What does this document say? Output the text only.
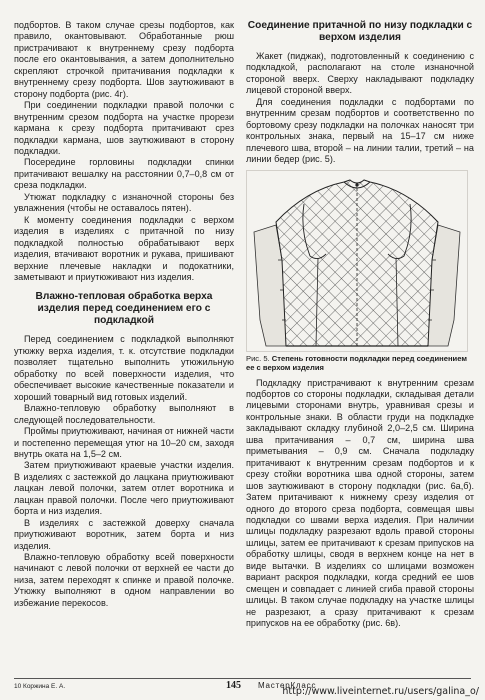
подбортов. В таком случае срезы подбортов, как правило, окантовывают. Обработанные рюш пристрачивают к внутреннему срезу подборта после его окантовывания, а затем дополнительно скрепляют строчкой притачивания подкладки к внутреннему срезу подборта. Шов заутюживают в сторону подборта (рис. 4г).

При соединении подкладки правой полочки с внутренним срезом подборта на участке прорези кармана к срезу подборта притачивают срез подкладки кармана, шов заутюживают в сторону подкладки.

Посередине горловины подкладки спинки притачивают вешалку на расстоянии 0,7–0,8 см от среза подкладки.

Утюжат подкладку с изнаночной стороны без увлажнения (чтобы не оставалось пятен).

К моменту соединения подкладки с верхом изделия в изделиях с притачной по низу подкладкой полностью обрабатывают верх изделия, втачивают воротник и рукава, пришивают верхние плечевые накладки и подокатники, заметывают и приутюживают низ изделия.

Влажно-тепловая обработка верха изделия перед соединением его с подкладкой

Перед соединением с подкладкой выполняют утюжку верха изделия, т. к. отсутствие подкладки позволяет тщательно выполнить утюжильную обработку по всей поверхности изделия, что обеспечивает высокие качественные показатели и хороший товарный вид готовых изделий.

Влажно-тепловую обработку выполняют в следующей последовательности.

Проймы приутюживают, начиная от нижней части и постепенно перемещая утюг на 10–20 см, заходя внутрь оката на 1,5–2 см.

Затем приутюживают краевые участки изделия. В изделиях с застежкой до лацкана приутюживают лацкан левой полочки, затем отлет воротника и лацкан правой полочки. После чего приутюживают борта и низ изделия.

В изделиях с застежкой доверху сначала приутюживают воротник, затем борта и низ изделия.

Влажно-тепловую обработку всей поверхности начинают с левой полочки от верхней ее части до низа, затем переходят к спинке и правой полочке. Утюжку выполняют в одном направлении во избежание перекосов.

Соединение притачной по низу подкладки с верхом изделия

Жакет (пиджак), подготовленный к соединению с подкладкой, располагают на столе изнаночной стороной вверх. Сверху накладывают подкладку лицевой стороной вверх.

Для соединения подкладки с подбортами по внутренним срезам подбортов и соответственно по бортовому срезу подкладки на полочках наносят три контрольных знака, первый на 15–17 см ниже плечевого шва, второй – на линии талии, третий – на линии бедер (рис. 5).

Рис. 5. Степень готовности подкладки перед соединением ее с верхом изделия

Подкладку пристрачивают к внутренним срезам подбортов со стороны подкладки, складывая детали лицевыми сторонами внутрь, уравнивая срезы и контрольные знаки. В области груди на подкладке закладывают складку глубиной 2,0–2,5 см. Ширина шва притачивания – 0,7 см, ширина шва приметывания – 0,9 см. Сначала подкладку притачивают к внутренним срезам подбортов и к срезу стойки воротника шва одной стороны, затем шов заутюживают в сторону подкладки (рис. 6а,б). Затем притачивают к нижнему срезу изделия от одного до второго среза подборта, совмещая швы подкладки со швами верха изделия. При наличии шлицы подкладку разрезают вдоль правой стороны шлицы, затем ее притачивают к срезам припусков на обработку шлицы, сводя в верхнем конце на нет в виде вытачки. В изделиях со шлицами возможен вариант раскроя подкладки, когда средний ее шов смещен и совпадает с линией сгиба правой стороны шлицы. В таком случае подкладку на участке шлицы не разрезают, а сразу притачивают к срезам припусков на ее обработку (рис. 6в).

10 Коржина Е. А.	145 МастерКласс
http://www.liveinternet.ru/users/galina_o/
